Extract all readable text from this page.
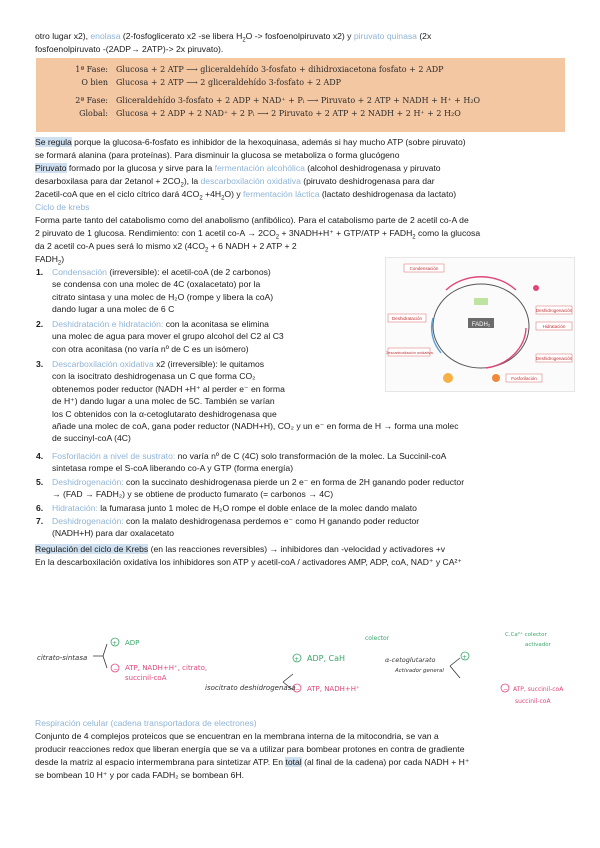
otro lugar x2), enolasa (2-fosfoglicerato x2 -se libera $H_2O$ -> fosfoenolpiruvato x2) y piruvato quinasa (2x
fosfoenolpiruvato -(2ADP→ 2ATP)-> 2x piruvato).
1ª Fase:	Glucosa + 2 ATP ⟶ gliceraldehído 3-fosfato + dihidroxiacetona fosfato + 2 ADP
O bien	Glucosa + 2 ATP ⟶ 2 gliceraldehído 3-fosfato + 2 ADP
2ª Fase:	Gliceraldehído 3-fosfato + 2 ADP + NAD⁺ + Pᵢ ⟶ Piruvato + 2 ATP + NADH + H⁺ + H₂O
Global:	Glucosa + 2 ADP + 2 NAD⁺ + 2 Pᵢ ⟶ 2 Piruvato + 2 ATP + 2 NADH + 2 H⁺ + 2 H₂O
Se regula porque la glucosa-6-fosfato es inhibidor de la hexoquinasa, además si hay mucho ATP (sobre piruvato)
se formará alanina (para proteínas). Para disminuir la glucosa se metaboliza o forma glucógeno
Piruvato formado por la glucosa y sirve para la fermentación alcohólica (alcohol deshidrogenasa y piruvato
desarboxilasa para dar 2etanol + $2CO_2$), la descarboxilación oxidativa (piruvato deshidrogenasa para dar
2acetil-coA que en el ciclo cítrico dará $4CO_2 +4H_2O$) y fermentación láctica (lactato deshidrogenasa da lactato)
Ciclo de krebs
Forma parte tanto del catabolismo como del anabolismo (anfibólico). Para el catabolismo parte de 2 acetil co-A de
2 piruvato de 1 glucosa. Rendimiento: con 1 acetil $co-A \to 2CO_2$ + 3NADH+H⁺ + $GTP/ATP + FADH_2$ como la glucosa
da 2 acetil co-A pues será lo mismo x2 ($4CO_2 + 6$ NADH + 2 ATP + 2
$FADH_2$)
FADH₂
Condensación
Deshidrogenación
Hidratación
Deshidrogenación
Fosforilación
Descarboxilación oxidativa
Deshidratación
1. Condensación (irreversible): el acetil-coA (de 2 carbonos)
se condensa con una molec de 4C (oxalacetato) por la
citrato sintasa y una molec de H₂O (rompe y libera la coA)
dando lugar a una molec de 6 C
2. Deshidratación e hidratación: con la aconitasa se elimina
una molec de agua para mover el grupo alcohol del C2 al C3
con otra aconitasa (no varía nº de C es un isómero)
3. Descarboxilación oxidativa x2 (irreversible): le quitamos
con la isocitrato deshidrogenasa un C que forma CO₂
obtenemos poder reductor (NADH +H⁺ al perder e⁻ en forma
de H⁺) dando lugar a una molec de 5C. También se varían
los C obtenidos con la α-cetoglutarato deshidrogenasa que
añade una molec de coA, gana poder reductor (NADH+H), CO₂ y un e⁻ en forma de H → forma una molec
de succinyl-coA (4C)
4. Fosforilación a nivel de sustrato: no varía nº de C (4C) solo transformación de la molec. La Succinil-coA
sintetasa rompe el S-coA liberando co-A y GTP (forma energía)
5. Deshidrogenación: con la succinato deshidrogenasa pierde un 2 e⁻ en forma de 2H ganando poder reductor
→ (FAD → FADH₂) y se obtiene de producto fumarato (= carbonos → 4C)
6. Hidratación: la fumarasa junto 1 molec de H₂O rompe el doble enlace de la molec dando malato
7. Deshidrogenación: con la malato deshidrogenasa perdemos e⁻ como H ganando poder reductor
(NADH+H) para dar oxalacetato
Regulación del ciclo de Krebs (en las reacciones reversibles) → inhibidores dan -velocidad y activadores +v
En la descarboxilación oxidativa los inhibidores son ATP y acetil-coA / activadores AMP, ADP, coA, NAD⁺ y CA²⁺
citrato-sintasa
+ ADP
− ATP, NADH+H⁺, citrato,
succinil-coA
isocitrato deshidrogenasa
+ ADP, CaH
− ATP, NADH+H⁺
colector
α-cetoglutarato
Activador general
+
− ATP, succinil-coA
succinil-coA
C.Ca²⁺ colector
activador
Respiración celular (cadena transportadora de electrones)
Conjunto de 4 complejos proteicos que se encuentran en la membrana interna de la mitocondria, se van a
producir reacciones redox que liberan energía que se va a utilizar para bombear protones en contra de gradiente
desde la matriz al espacio intermembrana para sintetizar ATP. En total (al final de la cadena) por cada NADH + H⁺
se bombean 10 H⁺ y por cada FADH₂ se bombean 6H.
